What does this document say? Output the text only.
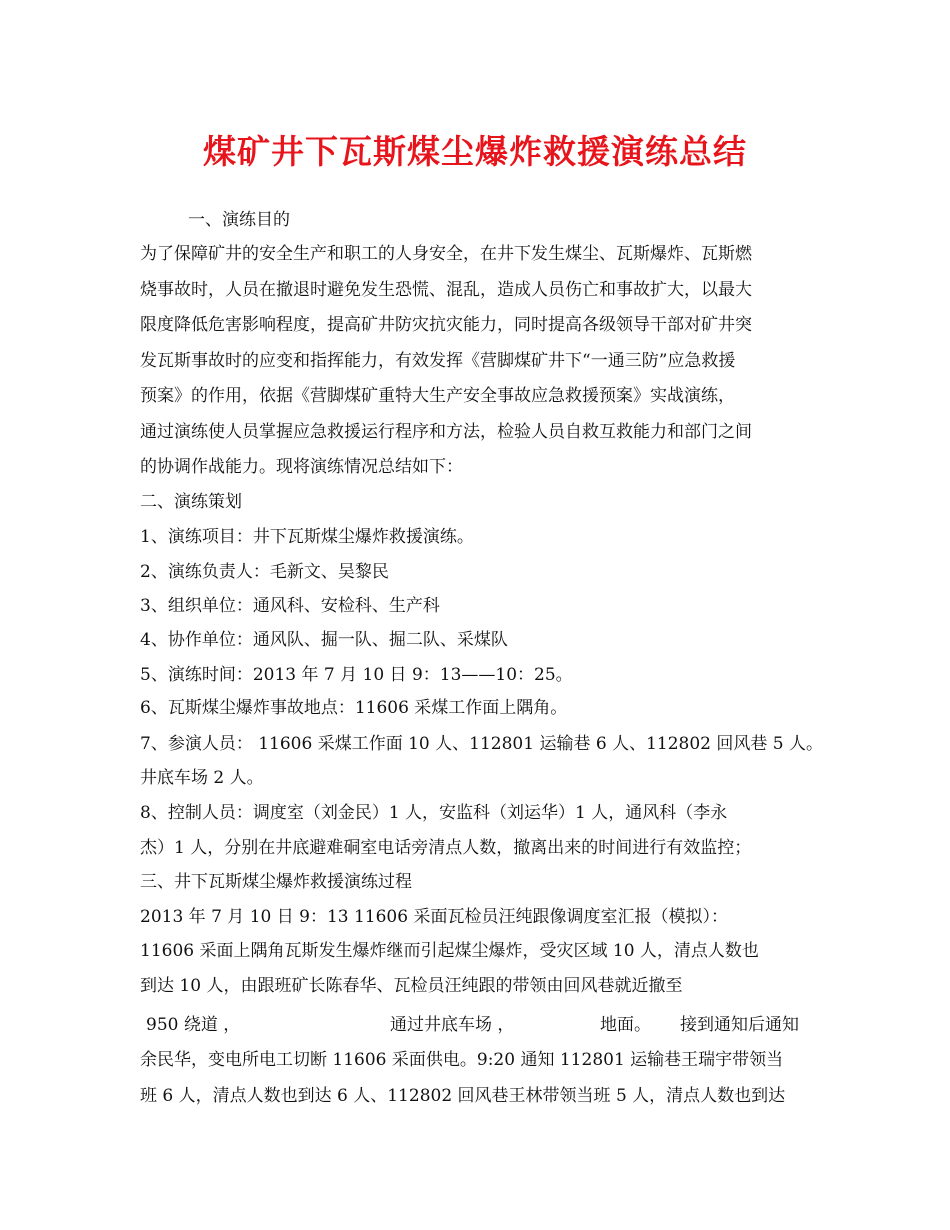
煤矿井下瓦斯煤尘爆炸救援演练总结
一、演练目的
为了保障矿井的安全生产和职工的人身安全，在井下发生煤尘、瓦斯爆炸、瓦斯燃
烧事故时，人员在撤退时避免发生恐慌、混乱，造成人员伤亡和事故扩大，以最大
限度降低危害影响程度，提高矿井防灾抗灾能力，同时提高各级领导干部对矿井突
发瓦斯事故时的应变和指挥能力，有效发挥《营脚煤矿井下“一通三防”应急救援
预案》的作用，依据《营脚煤矿重特大生产安全事故应急救援预案》实战演练，
通过演练使人员掌握应急救援运行程序和方法，检验人员自救互救能力和部门之间
的协调作战能力。现将演练情况总结如下：
二、演练策划
1、演练项目：井下瓦斯煤尘爆炸救援演练。
2、演练负责人：毛新文、吴黎民
3、组织单位：通风科、安检科、生产科
4、协作单位：通风队、掘一队、掘二队、采煤队
5、演练时间：2013 年 7 月 10 日 9：13——10：25。
6、瓦斯煤尘爆炸事故地点：11606 采煤工作面上隅角。
7、参演人员： 11606 采煤工作面 10 人、112801 运输巷 6 人、112802 回风巷 5 人。
井底车场 2 人。
8、控制人员：调度室（刘金民）1 人，安监科（刘运华）1 人，通风科（李永
杰）1 人，分别在井底避难硐室电话旁清点人数，撤离出来的时间进行有效监控；
三、井下瓦斯煤尘爆炸救援演练过程
2013 年 7 月 10 日 9：13 11606 采面瓦检员汪纯跟像调度室汇报（模拟）：
11606 采面上隅角瓦斯发生爆炸继而引起煤尘爆炸，受灾区域 10 人，清点人数也
到达 10 人，由跟班矿长陈春华、瓦检员汪纯跟的带领由回风巷就近撤至
950 绕道 ，	通过井底车场 ，	地面。 接到通知后通知
余民华，变电所电工切断 11606 采面供电。9:20 通知 112801 运输巷王瑞宇带领当
班 6 人，清点人数也到达 6 人、112802 回风巷王林带领当班 5 人，清点人数也到达
